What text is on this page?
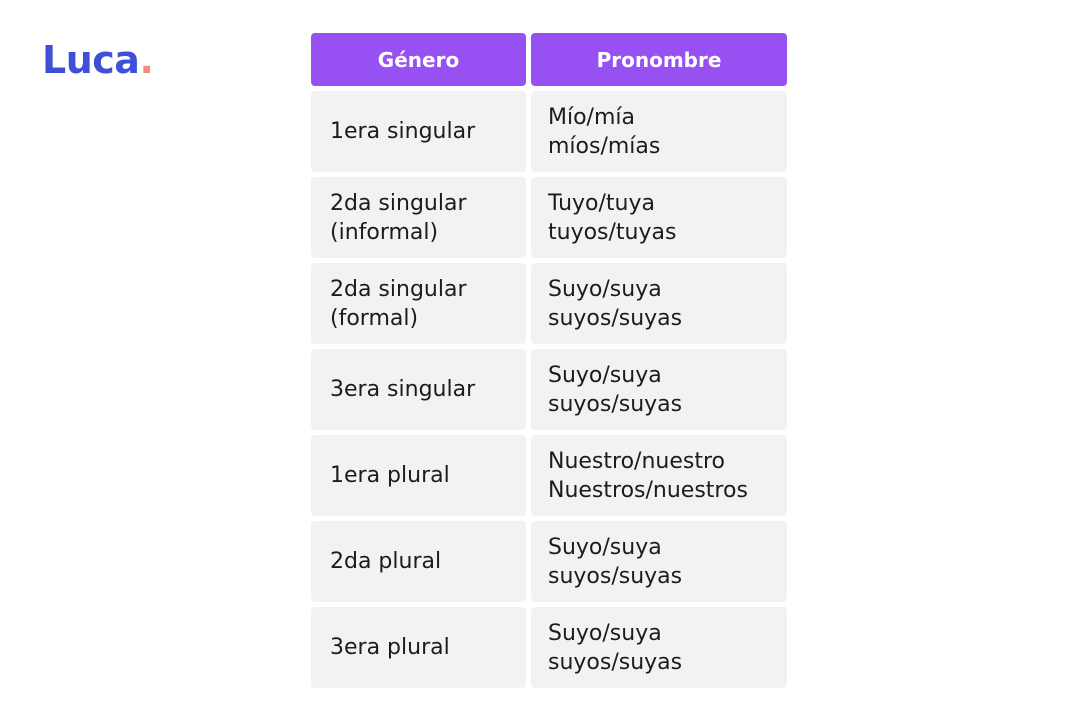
Luca.	Género	Pronombre
1era singular
Mío/mía
míos/mías
2da singular
(informal)
Tuyo/tuya
tuyos/tuyas
2da singular
(formal)
Suyo/suya
suyos/suyas
3era singular
Suyo/suya
suyos/suyas
1era plural
Nuestro/nuestro
Nuestros/nuestros
2da plural
Suyo/suya
suyos/suyas
3era plural
Suyo/suya
suyos/suyas
